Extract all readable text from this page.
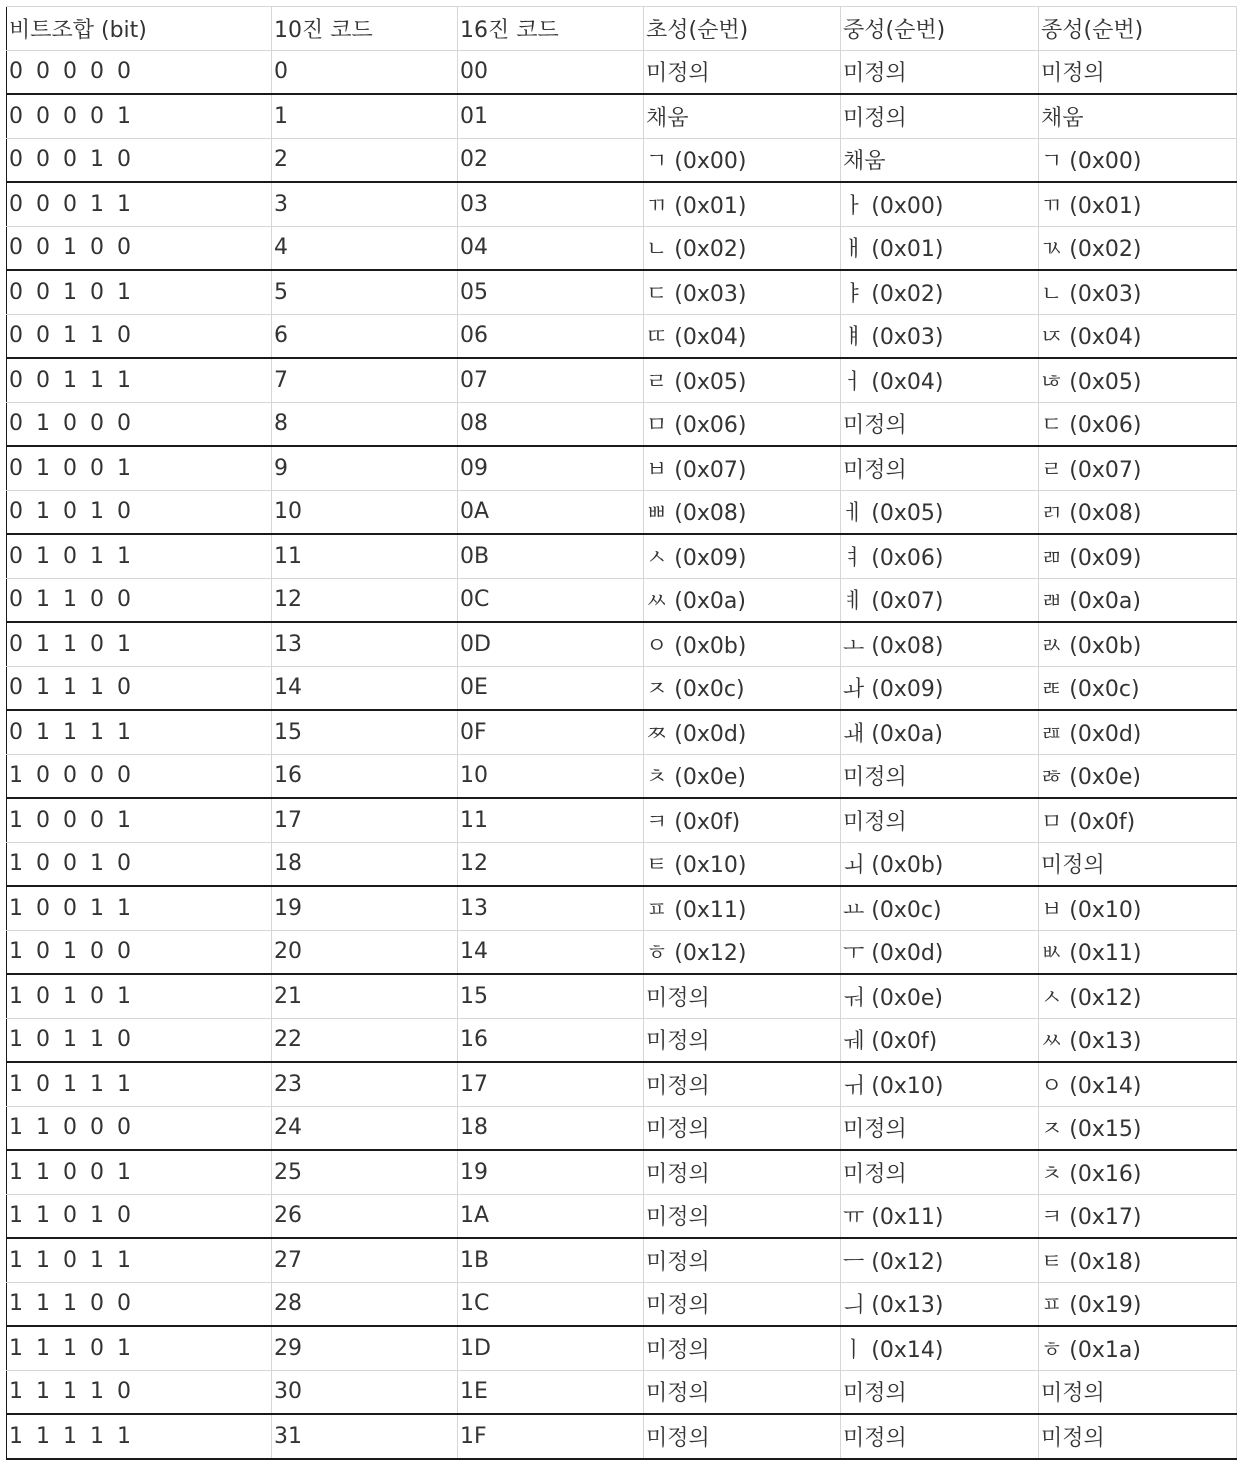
비트조합 (bit)	10진 코드	16진 코드	초성(순번)	중성(순번)	종성(순번)
0 0 0 0 0	0	00	미정의	미정의	미정의
0 0 0 0 1	1	01	채움	미정의	채움
0 0 0 1 0	2	02	ㄱ (0x00)	채움	ㄱ (0x00)
0 0 0 1 1	3	03	ㄲ (0x01)	ㅏ (0x00)	ㄲ (0x01)
0 0 1 0 0	4	04	ㄴ (0x02)	ㅐ (0x01)	ㄳ (0x02)
0 0 1 0 1	5	05	ㄷ (0x03)	ㅑ (0x02)	ㄴ (0x03)
0 0 1 1 0	6	06	ㄸ (0x04)	ㅒ (0x03)	ㄵ (0x04)
0 0 1 1 1	7	07	ㄹ (0x05)	ㅓ (0x04)	ㄶ (0x05)
0 1 0 0 0	8	08	ㅁ (0x06)	미정의	ㄷ (0x06)
0 1 0 0 1	9	09	ㅂ (0x07)	미정의	ㄹ (0x07)
0 1 0 1 0	10	0A	ㅃ (0x08)	ㅔ (0x05)	ㄺ (0x08)
0 1 0 1 1	11	0B	ㅅ (0x09)	ㅕ (0x06)	ㄻ (0x09)
0 1 1 0 0	12	0C	ㅆ (0x0a)	ㅖ (0x07)	ㄼ (0x0a)
0 1 1 0 1	13	0D	ㅇ (0x0b)	ㅗ (0x08)	ㄽ (0x0b)
0 1 1 1 0	14	0E	ㅈ (0x0c)	ㅘ (0x09)	ㄾ (0x0c)
0 1 1 1 1	15	0F	ㅉ (0x0d)	ㅙ (0x0a)	ㄿ (0x0d)
1 0 0 0 0	16	10	ㅊ (0x0e)	미정의	ㅀ (0x0e)
1 0 0 0 1	17	11	ㅋ (0x0f)	미정의	ㅁ (0x0f)
1 0 0 1 0	18	12	ㅌ (0x10)	ㅚ (0x0b)	미정의
1 0 0 1 1	19	13	ㅍ (0x11)	ㅛ (0x0c)	ㅂ (0x10)
1 0 1 0 0	20	14	ㅎ (0x12)	ㅜ (0x0d)	ㅄ (0x11)
1 0 1 0 1	21	15	미정의	ㅝ (0x0e)	ㅅ (0x12)
1 0 1 1 0	22	16	미정의	ㅞ (0x0f)	ㅆ (0x13)
1 0 1 1 1	23	17	미정의	ㅟ (0x10)	ㅇ (0x14)
1 1 0 0 0	24	18	미정의	미정의	ㅈ (0x15)
1 1 0 0 1	25	19	미정의	미정의	ㅊ (0x16)
1 1 0 1 0	26	1A	미정의	ㅠ (0x11)	ㅋ (0x17)
1 1 0 1 1	27	1B	미정의	ㅡ (0x12)	ㅌ (0x18)
1 1 1 0 0	28	1C	미정의	ㅢ (0x13)	ㅍ (0x19)
1 1 1 0 1	29	1D	미정의	ㅣ (0x14)	ㅎ (0x1a)
1 1 1 1 0	30	1E	미정의	미정의	미정의
1 1 1 1 1	31	1F	미정의	미정의	미정의
